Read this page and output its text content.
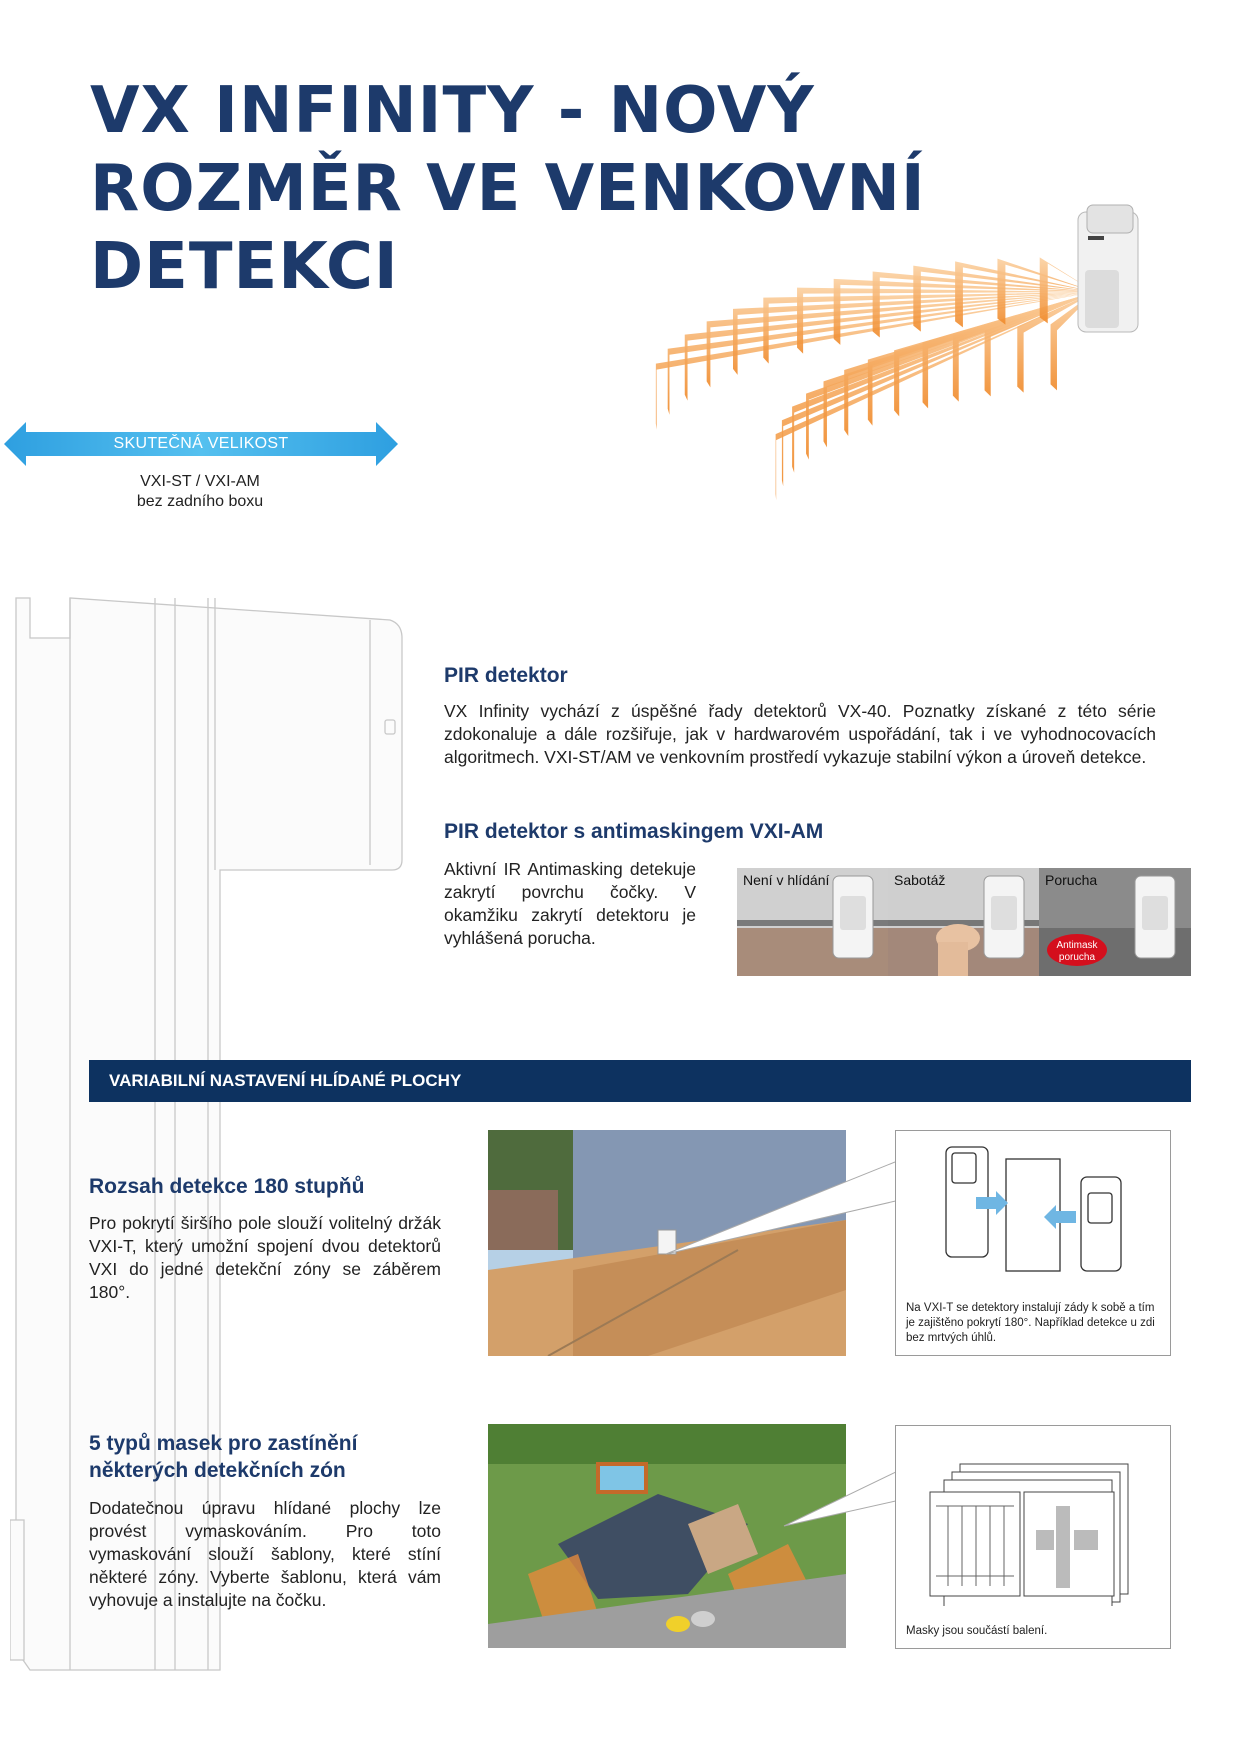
VX INFINITY - NOVÝ
ROZMĚR VE VENKOVNÍ
DETEKCI
SKUTEČNÁ VELIKOST
VXI-ST / VXI-AM
bez zadního boxu
PIR detektor
VX Infinity vychází z úspěšné řady detektorů VX-40. Poznatky získané z této série zdokonaluje a dále rozšiřuje, jak v hardwarovém uspořádání, tak i ve vyhodnocovacích algoritmech. VXI-ST/AM ve venkovním prostředí vykazuje stabilní výkon a úroveň detekce.
PIR detektor s antimaskingem VXI-AM
Aktivní IR Antimasking detekuje zakrytí povrchu čočky. V okamžiku zakrytí detektoru je vyhlášená porucha.
Není v hlídání	Sabotáž	Porucha
Antimask porucha
VARIABILNÍ NASTAVENÍ HLÍDANÉ PLOCHY
Rozsah detekce 180 stupňů
Pro pokrytí širšího pole slouží volitelný držák VXI-T, který umožní spojení dvou detektorů VXI do jedné detekční zóny se záběrem 180°.
Na VXI-T se detektory instalují zády k sobě a tím je zajištěno pokrytí 180°. Například detekce u zdi bez mrtvých úhlů.
5 typů masek pro zastínění
některých detekčních zón
Dodatečnou úpravu hlídané plochy lze provést vymaskováním. Pro toto vymaskování slouží šablony, které stíní některé zóny. Vyberte šablonu, která vám vyhovuje a instalujte na čočku.
Masky jsou součástí balení.
